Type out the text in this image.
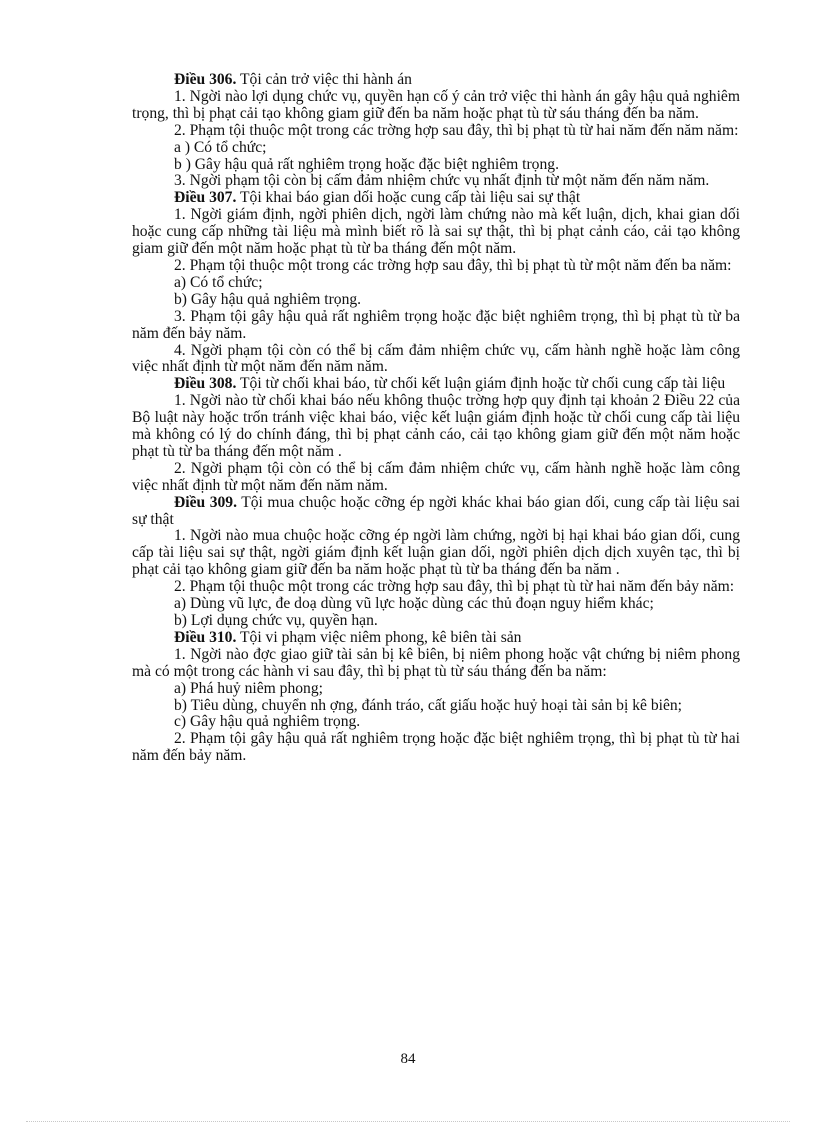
Điều 306. Tội cản trở việc thi hành án

1. Ngời nào lợi dụng chức vụ, quyền hạn cố ý cản trở việc thi hành án gây hậu quả nghiêm trọng, thì bị phạt cải tạo không giam giữ đến ba năm hoặc phạt tù từ sáu tháng đến ba năm.

2. Phạm tội thuộc một trong các trờng hợp sau đây, thì bị phạt tù từ hai năm đến năm năm:

a ) Có tổ chức;

b ) Gây hậu quả rất nghiêm trọng hoặc đặc biệt nghiêm trọng.

3. Ngời phạm tội còn bị cấm đảm nhiệm chức vụ nhất định từ một năm đến năm năm.

Điều 307. Tội khai báo gian dối hoặc cung cấp tài liệu sai sự thật

1. Ngời giám định, ngời phiên dịch, ngời làm chứng nào mà kết luận, dịch, khai gian dối hoặc cung cấp những tài liệu mà mình biết rõ là sai sự thật, thì bị phạt cảnh cáo, cải tạo không giam giữ đến một năm hoặc phạt tù từ ba tháng đến một năm.

2. Phạm tội thuộc một trong các trờng hợp sau đây, thì bị phạt tù từ một năm đến ba năm:

a) Có tổ chức;

b) Gây hậu quả nghiêm trọng.

3. Phạm tội gây hậu quả rất nghiêm trọng hoặc đặc biệt nghiêm trọng, thì bị phạt tù từ ba năm đến bảy năm.

4. Ngời phạm tội còn có thể bị cấm đảm nhiệm chức vụ, cấm hành nghề hoặc làm công việc nhất định từ một năm đến năm năm.

Điều 308. Tội từ chối khai báo, từ chối kết luận giám định hoặc từ chối cung cấp tài liệu

1. Ngời nào từ chối khai báo nếu không thuộc trờng hợp quy định tại khoản 2 Điều 22 của Bộ luật này hoặc trốn tránh việc khai báo, việc kết luận giám định hoặc từ chối cung cấp tài liệu mà không có lý do chính đáng, thì bị phạt cảnh cáo, cải tạo không giam giữ đến một năm hoặc phạt tù từ ba tháng đến một năm .

2. Ngời phạm tội còn có thể bị cấm đảm nhiệm chức vụ, cấm hành nghề hoặc làm công việc nhất định từ một năm đến năm năm.

Điều 309. Tội mua chuộc hoặc cỡng ép ngời khác khai báo gian dối, cung cấp tài liệu sai sự thật

1. Ngời nào mua chuộc hoặc cỡng ép ngời làm chứng, ngời bị hại khai báo gian dối, cung cấp tài liệu sai sự thật, ngời giám định kết luận gian dối, ngời phiên dịch dịch xuyên tạc, thì bị phạt cải tạo không giam giữ đến ba năm hoặc phạt tù từ ba tháng đến ba năm .

2. Phạm tội thuộc một trong các trờng hợp sau đây, thì bị phạt tù từ hai năm đến bảy năm:

a) Dùng vũ lực, đe doạ dùng vũ lực hoặc dùng các thủ đoạn nguy hiểm khác;

b) Lợi dụng chức vụ, quyền hạn.

Điều 310. Tội vi phạm việc niêm phong, kê biên tài sản

1. Ngời nào đợc giao giữ tài sản bị kê biên, bị niêm phong hoặc vật chứng bị niêm phong mà có một trong các hành vi sau đây, thì bị phạt tù từ sáu tháng đến ba năm:

a) Phá huỷ niêm phong;

b) Tiêu dùng, chuyển nh ợng, đánh tráo, cất giấu hoặc huỷ hoại tài sản bị kê biên;

c) Gây hậu quả nghiêm trọng.

2. Phạm tội gây hậu quả rất nghiêm trọng hoặc đặc biệt nghiêm trọng, thì bị phạt tù từ hai năm đến bảy năm.

84
